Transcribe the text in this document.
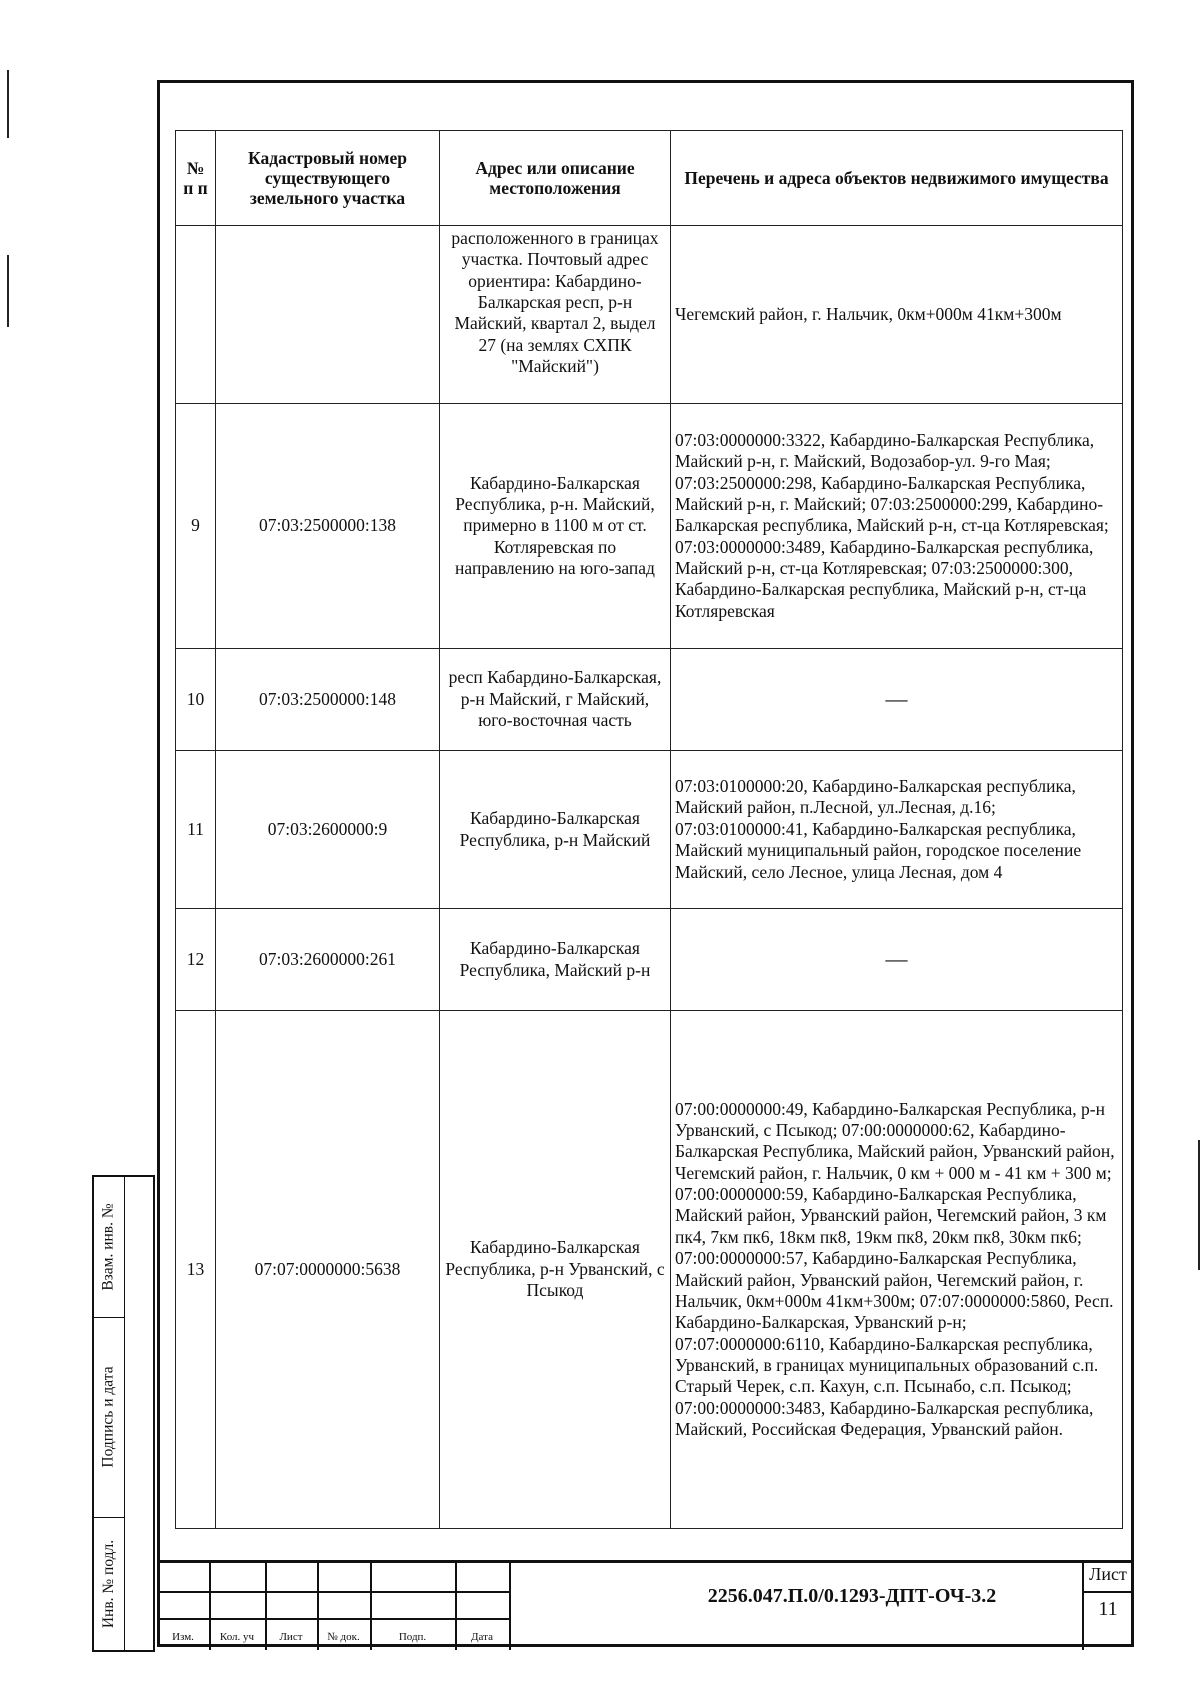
№ п п	Кадастровый номер существующего земельного участка	Адрес или описание местоположения	Перечень и адреса объектов недвижимого имущества
		расположенного в границах участка. Почтовый адрес ориентира: Кабардино-Балкарская респ, р-н Майский, квартал 2, выдел 27 (на землях СХПК "Майский")	Чегемский район, г. Нальчик, 0км+000м 41км+300м
9	07:03:2500000:138	Кабардино-Балкарская Республика, р-н. Майский, примерно в 1100 м от ст. Котляревская по направлению на юго-запад	07:03:0000000:3322, Кабардино-Балкарская Республика, Майский р-н, г. Майский, Водозабор-ул. 9-го Мая; 07:03:2500000:298, Кабардино-Балкарская Республика, Майский р-н, г. Майский; 07:03:2500000:299, Кабардино-Балкарская республика, Майский р-н, ст-ца Котляревская; 07:03:0000000:3489, Кабардино-Балкарская республика, Майский р-н, ст-ца Котляревская; 07:03:2500000:300, Кабардино-Балкарская республика, Майский р-н, ст-ца Котляревская
10	07:03:2500000:148	респ Кабардино-Балкарская, р-н Майский, г Майский, юго-восточная часть	—
11	07:03:2600000:9	Кабардино-Балкарская Республика, р-н Майский	07:03:0100000:20, Кабардино-Балкарская республика, Майский район, п.Лесной, ул.Лесная, д.16; 07:03:0100000:41, Кабардино-Балкарская республика, Майский муниципальный район, городское поселение Майский, село Лесное, улица Лесная, дом 4
12	07:03:2600000:261	Кабардино-Балкарская Республика, Майский р-н	—
13	07:07:0000000:5638	Кабардино-Балкарская Республика, р-н Урванский, с Псыкод	07:00:0000000:49, Кабардино-Балкарская Республика, р-н Урванский, с Псыкод; 07:00:0000000:62, Кабардино-Балкарская Республика, Майский район, Урванский район, Чегемский район, г. Нальчик, 0 км + 000 м - 41 км + 300 м; 07:00:0000000:59, Кабардино-Балкарская Республика, Майский район, Урванский район, Чегемский район, 3 км пк4, 7км пк6, 18км пк8, 19км пк8, 20км пк8, 30км пк6; 07:00:0000000:57, Кабардино-Балкарская Республика, Майский район, Урванский район, Чегемский район, г. Нальчик, 0км+000м 41км+300м; 07:07:0000000:5860, Респ. Кабардино-Балкарская, Урванский р-н; 07:07:0000000:6110, Кабардино-Балкарская республика, Урванский, в границах муниципальных образований с.п. Старый Черек, с.п. Кахун, с.п. Псынабо, с.п. Псыкод; 07:00:0000000:3483, Кабардино-Балкарская республика, Майский, Российская Федерация, Урванский район.
Взам. инв. №
Подпись и дата
Инв. № подл.
Изм.	Кол. уч	Лист	№ док.	Подп.	Дата
2256.047.П.0/0.1293-ДПТ-ОЧ-3.2
Лист
11
